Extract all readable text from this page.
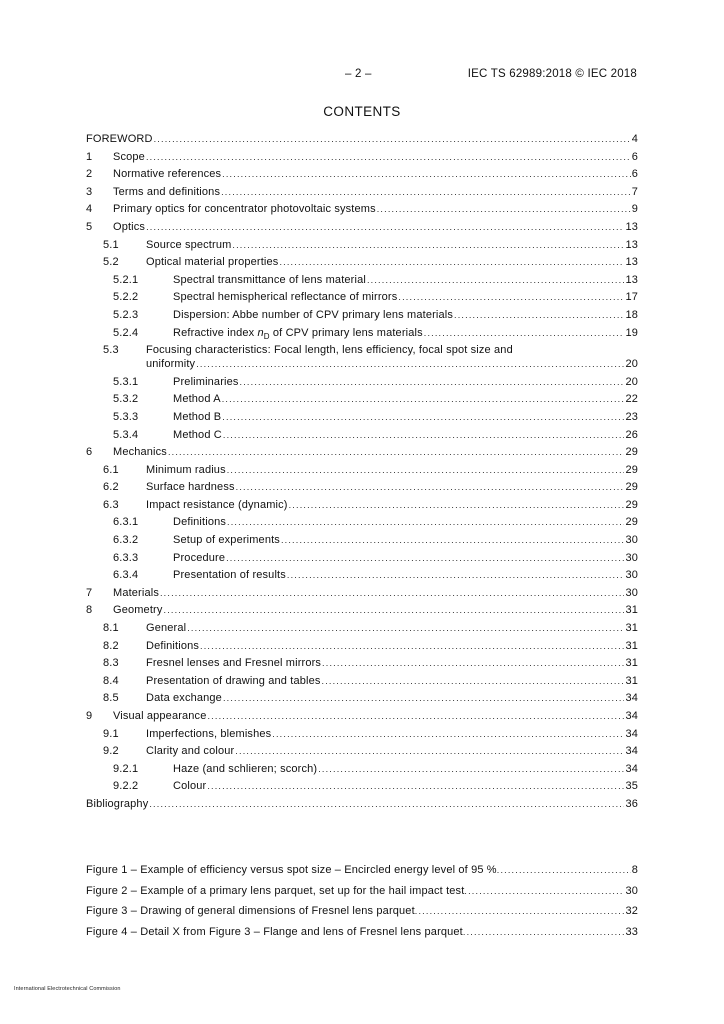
– 2 –	IEC TS 62989:2018 © IEC 2018
CONTENTS
FOREWORD .....	4
1 Scope .....	6
2 Normative references .....	6
3 Terms and definitions .....	7
4 Primary optics for concentrator photovoltaic systems .....	9
5 Optics .....	13
5.1 Source spectrum .....	13
5.2 Optical material properties .....	13
5.2.1	Spectral transmittance of lens material .....	13
5.2.2	Spectral hemispherical reflectance of mirrors .....	17
5.2.3	Dispersion: Abbe number of CPV primary lens materials .....	18
5.2.4	Refractive index $n_D$ of CPV primary lens materials .....	19
5.3 Focusing characteristics: Focal length, lens efficiency, focal spot size and
uniformity .....	20
5.3.1	Preliminaries .....	20
5.3.2	Method A .....	22
5.3.3	Method B .....	23
5.3.4	Method C .....	26
6 Mechanics .....	29
6.1 Minimum radius .....	29
6.2 Surface hardness .....	29
6.3 Impact resistance (dynamic) .....	29
6.3.1	Definitions .....	29
6.3.2	Setup of experiments .....	30
6.3.3	Procedure .....	30
6.3.4	Presentation of results .....	30
7 Materials .....	30
8 Geometry .....	31
8.1 General .....	31
8.2 Definitions .....	31
8.3 Fresnel lenses and Fresnel mirrors .....	31
8.4 Presentation of drawing and tables .....	31
8.5 Data exchange .....	34
9 Visual appearance .....	34
9.1 Imperfections, blemishes .....	34
9.2 Clarity and colour .....	34
9.2.1	Haze (and schlieren; scorch) .....	34
9.2.2	Colour .....	35
Bibliography .....	36
Figure 1 – Example of efficiency versus spot size – Encircled energy level of 95 % .....	8
Figure 2 – Example of a primary lens parquet, set up for the hail impact test .....	30
Figure 3 – Drawing of general dimensions of Fresnel lens parquet .....	32
Figure 4 – Detail X from Figure 3 – Flange and lens of Fresnel lens parquet .....	33
International Electrotechnical Commission
